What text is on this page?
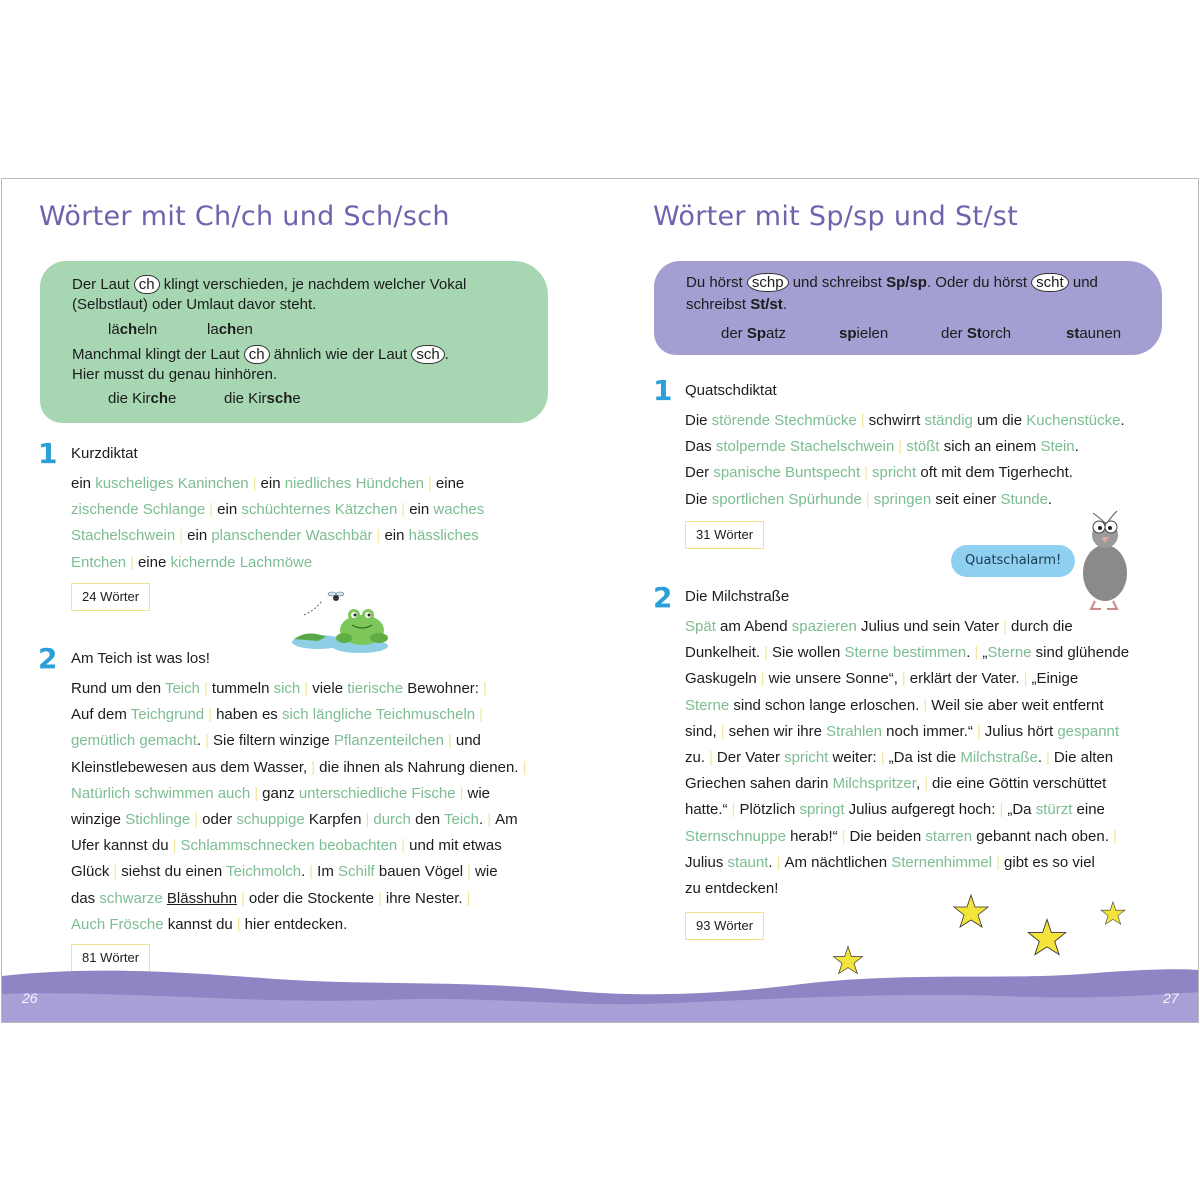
Wörter mit Ch/ch und Sch/sch
Der Laut ch klingt verschieden, je nachdem welcher Vokal
(Selbstlaut) oder Umlaut davor steht.
lächeln	lachen
Manchmal klingt der Laut ch ähnlich wie der Laut sch .
Hier musst du genau hinhören.
die Kirche	die Kirsche
1 Kurzdiktat
ein kuscheliges Kaninchen | ein niedliches Hündchen | eine
zischende Schlange | ein schüchternes Kätzchen | ein waches
Stachelschwein | ein planschender Waschbär | ein hässliches
Entchen | eine kichernde Lachmöwe
24 Wörter
2 Am Teich ist was los!
Rund um den Teich | tummeln sich | viele tierische Bewohner: |
Auf dem Teichgrund | haben es sich längliche Teichmuscheln |
gemütlich gemacht. | Sie filtern winzige Pflanzenteilchen | und
Kleinstlebewesen aus dem Wasser, | die ihnen als Nahrung dienen. |
Natürlich schwimmen auch | ganz unterschiedliche Fische | wie
winzige Stichlinge | oder schuppige Karpfen | durch den Teich. | Am
Ufer kannst du | Schlammschnecken beobachten | und mit etwas
Glück | siehst du einen Teichmolch. | Im Schilf bauen Vögel | wie
das schwarze Blässhuhn | oder die Stockente | ihre Nester. |
Auch Frösche kannst du | hier entdecken.
81 Wörter
Wörter mit Sp/sp und St/st
Du hörst schp und schreibst Sp/sp. Oder du hörst scht und
schreibst St/st.
der Spatz	spielen	der Storch	staunen
1 Quatschdiktat
Die störende Stechmücke | schwirrt ständig um die Kuchenstücke.
Das stolpernde Stachelschwein | stößt sich an einem Stein.
Der spanische Buntspecht | spricht oft mit dem Tigerhecht.
Die sportlichen Spürhunde | springen seit einer Stunde.
31 Wörter
Quatschalarm!
2 Die Milchstraße
Spät am Abend spazieren Julius und sein Vater | durch die
Dunkelheit. | Sie wollen Sterne bestimmen. | „Sterne sind glühende
Gaskugeln | wie unsere Sonne“, | erklärt der Vater. | „Einige
Sterne sind schon lange erloschen. | Weil sie aber weit entfernt
sind, | sehen wir ihre Strahlen noch immer.“ | Julius hört gespannt
zu. | Der Vater spricht weiter: | „Da ist die Milchstraße. | Die alten
Griechen sahen darin Milchspritzer, | die eine Göttin verschüttet
hatte.“ | Plötzlich springt Julius aufgeregt hoch: | „Da stürzt eine
Sternschnuppe herab!“ | Die beiden starren gebannt nach oben. |
Julius staunt. | Am nächtlichen Sternenhimmel | gibt es so viel
zu entdecken!
93 Wörter
26	27
